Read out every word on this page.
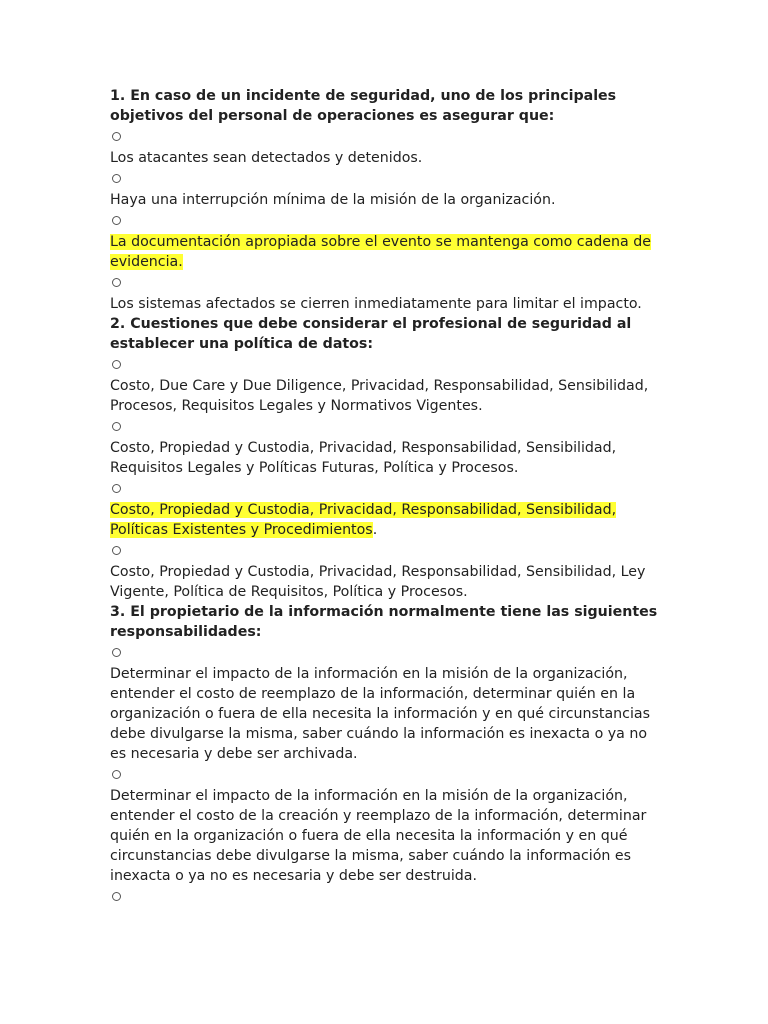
1. En caso de un incidente de seguridad, uno de los principales objetivos del personal de operaciones es asegurar que:

Los atacantes sean detectados y detenidos.

Haya una interrupción mínima de la misión de la organización.

La documentación apropiada sobre el evento se mantenga como cadena de evidencia.

Los sistemas afectados se cierren inmediatamente para limitar el impacto.

2. Cuestiones que debe considerar el profesional de seguridad al establecer una política de datos:

Costo, Due Care y Due Diligence, Privacidad, Responsabilidad, Sensibilidad, Procesos, Requisitos Legales y Normativos Vigentes.

Costo, Propiedad y Custodia, Privacidad, Responsabilidad, Sensibilidad, Requisitos Legales y Políticas Futuras, Política y Procesos.

Costo, Propiedad y Custodia, Privacidad, Responsabilidad, Sensibilidad, Políticas Existentes y Procedimientos.

Costo, Propiedad y Custodia, Privacidad, Responsabilidad, Sensibilidad, Ley Vigente, Política de Requisitos, Política y Procesos.

3. El propietario de la información normalmente tiene las siguientes responsabilidades:

Determinar el impacto de la información en la misión de la organización, entender el costo de reemplazo de la información, determinar quién en la organización o fuera de ella necesita la información y en qué circunstancias debe divulgarse la misma, saber cuándo la información es inexacta o ya no es necesaria y debe ser archivada.

Determinar el impacto de la información en la misión de la organización, entender el costo de la creación y reemplazo de la información, determinar quién en la organización o fuera de ella necesita la información y en qué circunstancias debe divulgarse la misma, saber cuándo la información es inexacta o ya no es necesaria y debe ser destruida.
